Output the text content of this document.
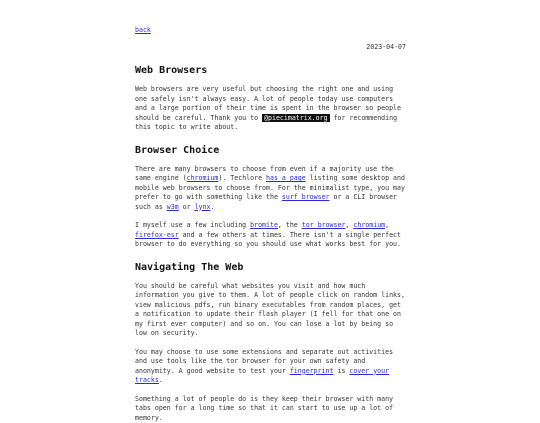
back
2023-04-07
Web Browsers

Web browsers are very useful but choosing the right one and using one safely isn't always easy. A lot of people today use computers and a large portion of their time is spent in the browser so people should be careful. Thank you to @piecimatrix.org for recommending this topic to write about.

Browser Choice

There are many browsers to choose from even if a majority use the same engine (chromium). Techlore has a page listing some desktop and mobile web browsers to choose from. For the minimalist type, you may prefer to go with something like the surf browser or a CLI browser such as w3m or lynx.

I myself use a few including bromite, the tor browser, chromium, firefox-esr and a few others at times. There isn't a single perfect browser to do everything so you should use what works best for you.

Navigating The Web

You should be careful what websites you visit and how much information you give to them. A lot of people click on random links, view malicious pdfs, run binary executables from random places, get a notification to update their flash player (I fell for that one on my first ever computer) and so on. You can lose a lot by being so low on security.

You may choose to use some extensions and separate out activities and use tools like the tor browser for your own safety and anonymity. A good website to test your fingerprint is cover your tracks.

Something a lot of people do is they keep their browser with many tabs open for a long time so that it can start to use up a lot of memory.
